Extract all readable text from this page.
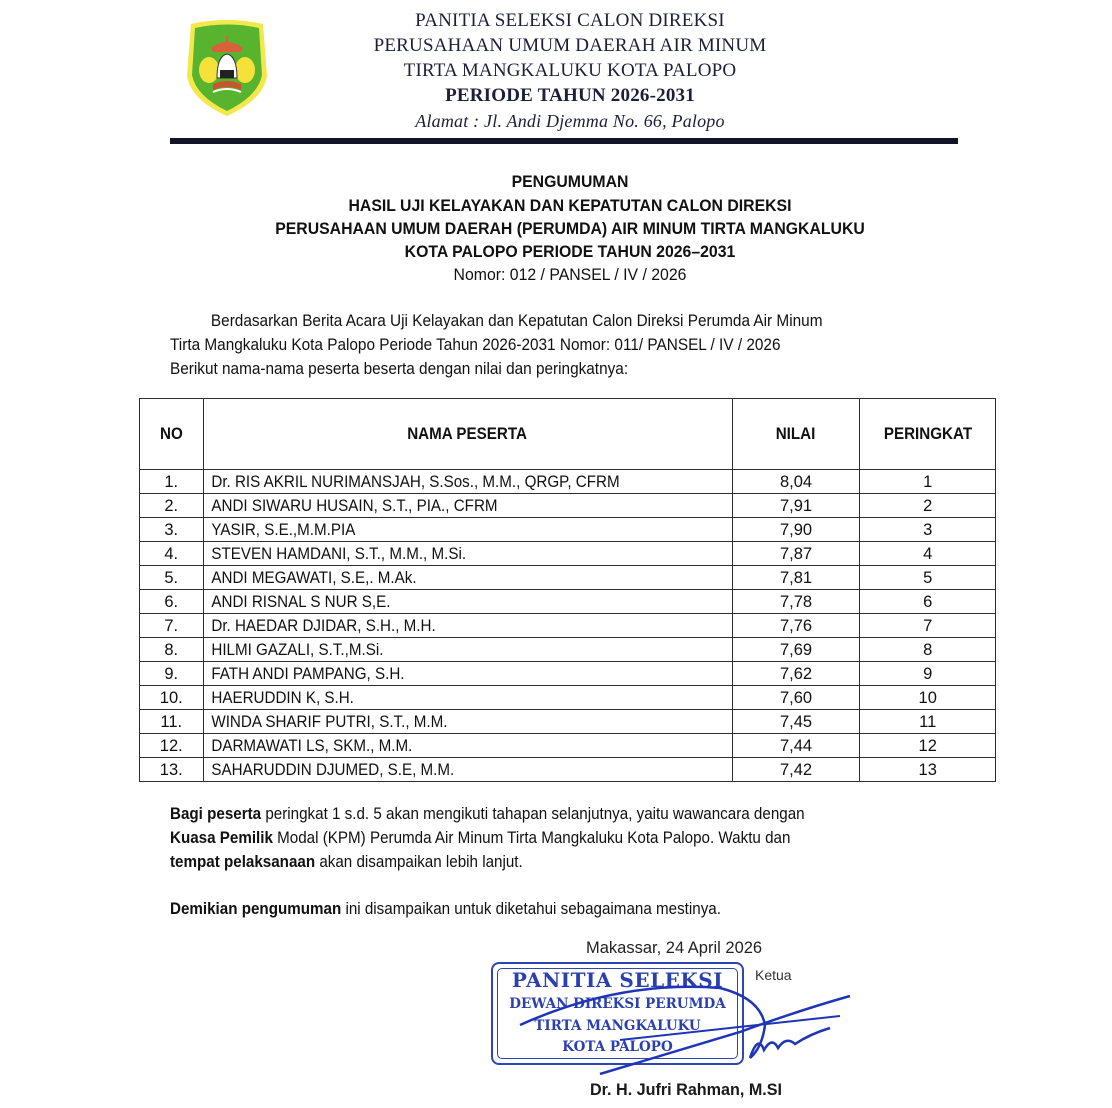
PANITIA SELEKSI CALON DIREKSI
PERUSAHAAN UMUM DAERAH AIR MINUM
TIRTA MANGKALUKU KOTA PALOPO
PERIODE TAHUN 2026-2031
Alamat : Jl. Andi Djemma No. 66, Palopo
PENGUMUMAN
HASIL UJI KELAYAKAN DAN KEPATUTAN CALON DIREKSI
PERUSAHAAN UMUM DAERAH (PERUMDA) AIR MINUM TIRTA MANGKALUKU
KOTA PALOPO PERIODE TAHUN 2026–2031
Nomor: 012 / PANSEL / IV / 2026
Berdasarkan Berita Acara Uji Kelayakan dan Kepatutan Calon Direksi Perumda Air Minum
Tirta Mangkaluku Kota Palopo Periode Tahun 2026-2031 Nomor: 011/ PANSEL / IV / 2026
Berikut nama-nama peserta beserta dengan nilai dan peringkatnya:
NO	NAMA PESERTA	NILAI	PERINGKAT
1.	Dr. RIS AKRIL NURIMANSJAH, S.Sos., M.M., QRGP, CFRM	8,04	1
2.	ANDI SIWARU HUSAIN, S.T., PIA., CFRM	7,91	2
3.	YASIR, S.E.,M.M.PIA	7,90	3
4.	STEVEN HAMDANI, S.T., M.M., M.Si.	7,87	4
5.	ANDI MEGAWATI, S.E,. M.Ak.	7,81	5
6.	ANDI RISNAL S NUR S,E.	7,78	6
7.	Dr. HAEDAR DJIDAR, S.H., M.H.	7,76	7
8.	HILMI GAZALI, S.T.,M.Si.	7,69	8
9.	FATH ANDI PAMPANG, S.H.	7,62	9
10.	HAERUDDIN K, S.H.	7,60	10
11.	WINDA SHARIF PUTRI, S.T., M.M.	7,45	11
12.	DARMAWATI LS, SKM., M.M.	7,44	12
13.	SAHARUDDIN DJUMED, S.E, M.M.	7,42	13
Bagi peserta peringkat 1 s.d. 5 akan mengikuti tahapan selanjutnya, yaitu wawancara dengan
Kuasa Pemilik Modal (KPM) Perumda Air Minum Tirta Mangkaluku Kota Palopo. Waktu dan
tempat pelaksanaan akan disampaikan lebih lanjut.
Demikian pengumuman ini disampaikan untuk diketahui sebagaimana mestinya.
Makassar, 24 April 2026
PANITIA SELEKSI
DEWAN DIREKSI PERUMDA
TIRTA MANGKALUKU
KOTA PALOPO
Ketua
Dr. H. Jufri Rahman, M.SI
